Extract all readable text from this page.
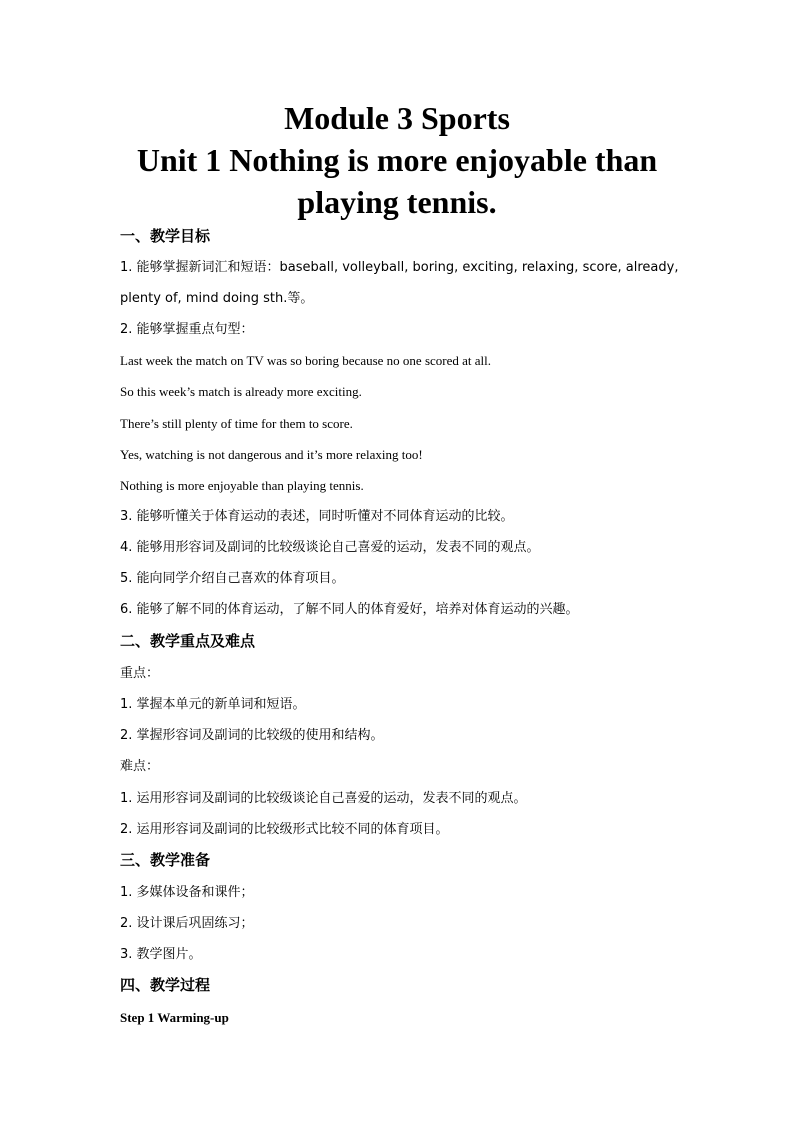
Module 3 Sports
Unit 1 Nothing is more enjoyable than
playing tennis.
一、教学目标
1. 能够掌握新词汇和短语：baseball, volleyball, boring, exciting, relaxing, score, already,
plenty of, mind doing sth.等。
2. 能够掌握重点句型：
Last week the match on TV was so boring because no one scored at all.
So this week’s match is already more exciting.
There’s still plenty of time for them to score.
Yes, watching is not dangerous and it’s more relaxing too!
Nothing is more enjoyable than playing tennis.
3. 能够听懂关于体育运动的表述，同时听懂对不同体育运动的比较。
4. 能够用形容词及副词的比较级谈论自己喜爱的运动，发表不同的观点。
5. 能向同学介绍自己喜欢的体育项目。
6. 能够了解不同的体育运动，了解不同人的体育爱好，培养对体育运动的兴趣。
二、教学重点及难点
重点：
1. 掌握本单元的新单词和短语。
2. 掌握形容词及副词的比较级的使用和结构。
难点：
1. 运用形容词及副词的比较级谈论自己喜爱的运动，发表不同的观点。
2. 运用形容词及副词的比较级形式比较不同的体育项目。
三、教学准备
1. 多媒体设备和课件；
2. 设计课后巩固练习；
3. 教学图片。
四、教学过程
Step 1 Warming-up
